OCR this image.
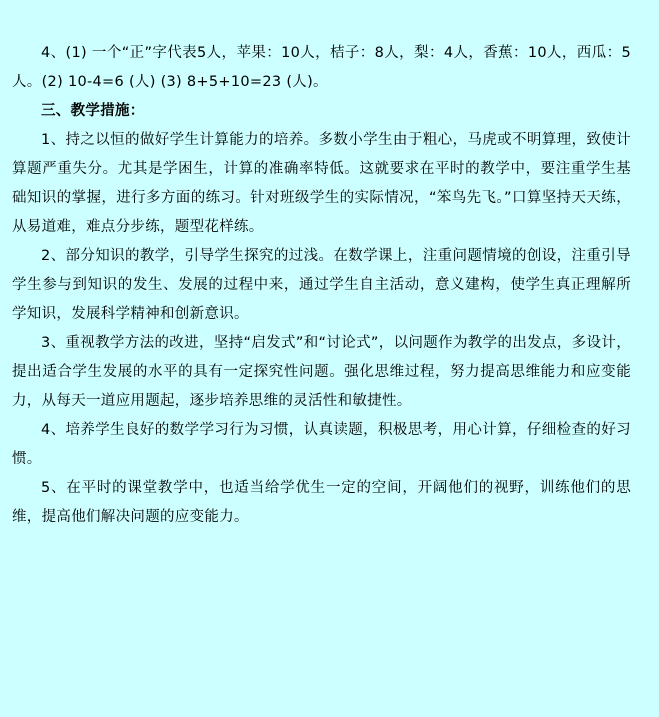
4、(1) 一个“正”字代表5人，苹果：10人，桔子：8人，梨：4人，香蕉：10人，西瓜：5人。(2) 10-4=6 (人) (3) 8+5+10=23 (人)。

三、教学措施：

1、持之以恒的做好学生计算能力的培养。多数小学生由于粗心，马虎或不明算理，致使计算题严重失分。尤其是学困生，计算的准确率特低。这就要求在平时的教学中，要注重学生基础知识的掌握，进行多方面的练习。针对班级学生的实际情况，“笨鸟先飞。”口算坚持天天练，从易道难，难点分步练，题型花样练。

2、部分知识的教学，引导学生探究的过浅。在数学课上，注重问题情境的创设，注重引导学生参与到知识的发生、发展的过程中来，通过学生自主活动，意义建构，使学生真正理解所学知识，发展科学精神和创新意识。

3、重视教学方法的改进，坚持“启发式”和“讨论式”，以问题作为教学的出发点，多设计，提出适合学生发展的水平的具有一定探究性问题。强化思维过程，努力提高思维能力和应变能力，从每天一道应用题起，逐步培养思维的灵活性和敏捷性。

4、培养学生良好的数学学习行为习惯，认真读题，积极思考，用心计算，仔细检查的好习惯。

5、在平时的课堂教学中，也适当给学优生一定的空间，开阔他们的视野，训练他们的思维，提高他们解决问题的应变能力。
